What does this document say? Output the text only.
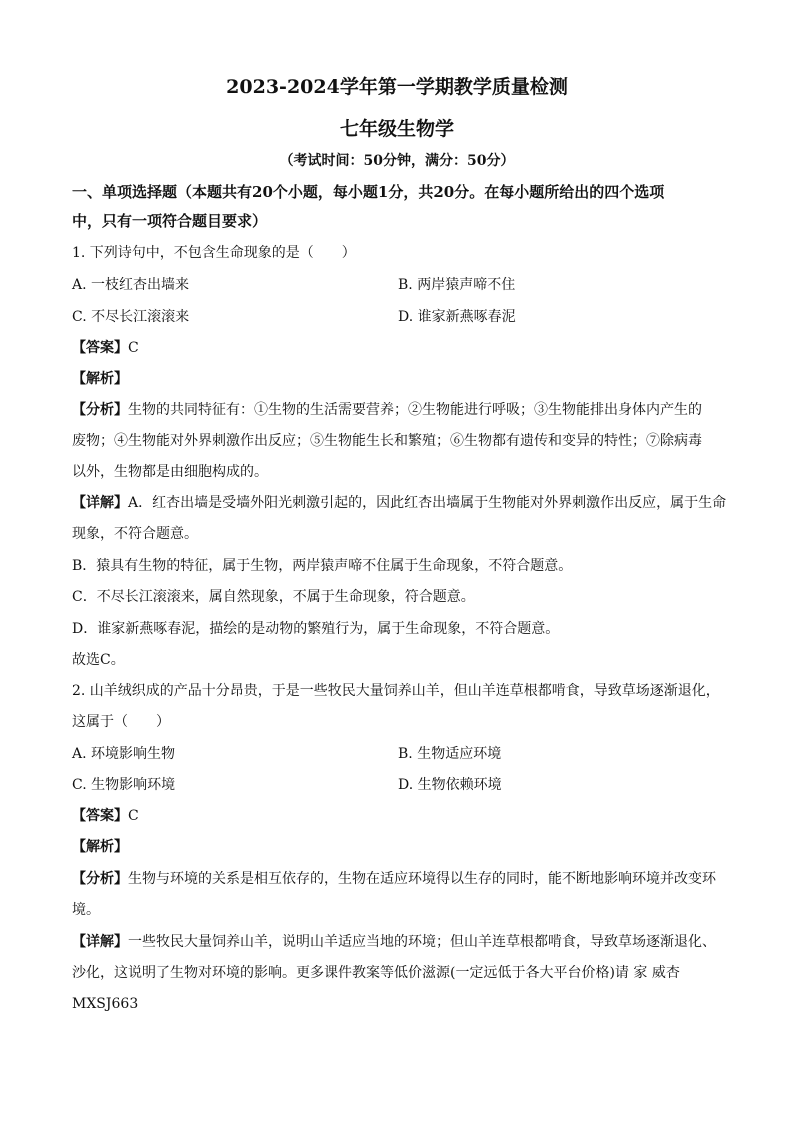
2023-2024学年第一学期教学质量检测
七年级生物学
（考试时间：50分钟，满分：50分）
一、单项选择题（本题共有20个小题，每小题1分，共20分。在每小题所给出的四个选项
中，只有一项符合题目要求）
1. 下列诗句中，不包含生命现象的是（　　）
A. 一枝红杏出墙来	B. 两岸猿声啼不住
C. 不尽长江滚滚来	D. 谁家新燕啄春泥
【答案】C
【解析】
【分析】生物的共同特征有：①生物的生活需要营养；②生物能进行呼吸；③生物能排出身体内产生的
废物；④生物能对外界刺激作出反应；⑤生物能生长和繁殖；⑥生物都有遗传和变异的特性；⑦除病毒
以外，生物都是由细胞构成的。
【详解】A．红杏出墙是受墙外阳光刺激引起的，因此红杏出墙属于生物能对外界刺激作出反应，属于生命
现象，不符合题意。
B．猿具有生物的特征，属于生物，两岸猿声啼不住属于生命现象，不符合题意。
C．不尽长江滚滚来，属自然现象，不属于生命现象，符合题意。
D．谁家新燕啄春泥，描绘的是动物的繁殖行为，属于生命现象，不符合题意。
故选C。
2. 山羊绒织成的产品十分昂贵，于是一些牧民大量饲养山羊，但山羊连草根都啃食，导致草场逐渐退化，
这属于（　　）
A. 环境影响生物	B. 生物适应环境
C. 生物影响环境	D. 生物依赖环境
【答案】C
【解析】
【分析】生物与环境的关系是相互依存的，生物在适应环境得以生存的同时，能不断地影响环境并改变环
境。
【详解】一些牧民大量饲养山羊，说明山羊适应当地的环境；但山羊连草根都啃食，导致草场逐渐退化、
沙化，这说明了生物对环境的影响。更多课件教案等低价滋源(一定远低于各大平台价格)请 家 威杏
MXSJ663
